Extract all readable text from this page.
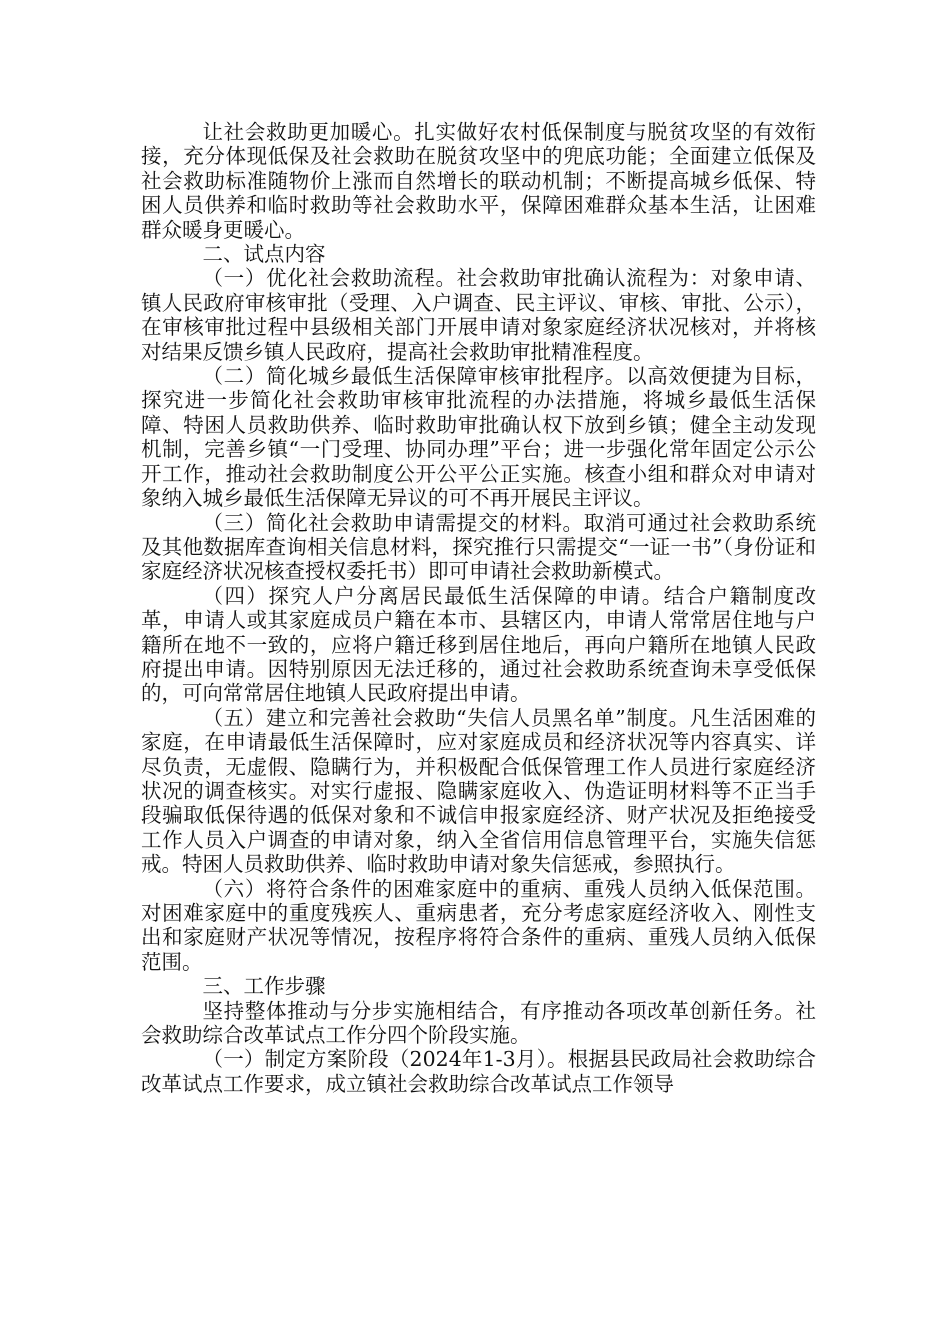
让社会救助更加暖心。扎实做好农村低保制度与脱贫攻坚的有效衔接，充分体现低保及社会救助在脱贫攻坚中的兜底功能；全面建立低保及社会救助标准随物价上涨而自然增长的联动机制；不断提高城乡低保、特困人员供养和临时救助等社会救助水平，保障困难群众基本生活，让困难群众暖身更暖心。

二、试点内容

（一）优化社会救助流程。社会救助审批确认流程为：对象申请、镇人民政府审核审批（受理、入户调查、民主评议、审核、审批、公示），在审核审批过程中县级相关部门开展申请对象家庭经济状况核对，并将核对结果反馈乡镇人民政府，提高社会救助审批精准程度。

（二）简化城乡最低生活保障审核审批程序。以高效便捷为目标，探究进一步简化社会救助审核审批流程的办法措施，将城乡最低生活保障、特困人员救助供养、临时救助审批确认权下放到乡镇；健全主动发现机制，完善乡镇“一门受理、协同办理”平台；进一步强化常年固定公示公开工作，推动社会救助制度公开公平公正实施。核查小组和群众对申请对象纳入城乡最低生活保障无异议的可不再开展民主评议。

（三）简化社会救助申请需提交的材料。取消可通过社会救助系统及其他数据库查询相关信息材料，探究推行只需提交“一证一书”（身份证和家庭经济状况核查授权委托书）即可申请社会救助新模式。

（四）探究人户分离居民最低生活保障的申请。结合户籍制度改革，申请人或其家庭成员户籍在本市、县辖区内，申请人常常居住地与户籍所在地不一致的，应将户籍迁移到居住地后，再向户籍所在地镇人民政府提出申请。因特别原因无法迁移的，通过社会救助系统查询未享受低保的，可向常常居住地镇人民政府提出申请。

（五）建立和完善社会救助“失信人员黑名单”制度。凡生活困难的家庭，在申请最低生活保障时，应对家庭成员和经济状况等内容真实、详尽负责，无虚假、隐瞒行为，并积极配合低保管理工作人员进行家庭经济状况的调查核实。对实行虚报、隐瞒家庭收入、伪造证明材料等不正当手段骗取低保待遇的低保对象和不诚信申报家庭经济、财产状况及拒绝接受工作人员入户调查的申请对象，纳入全省信用信息管理平台，实施失信惩戒。特困人员救助供养、临时救助申请对象失信惩戒，参照执行。

（六）将符合条件的困难家庭中的重病、重残人员纳入低保范围。对困难家庭中的重度残疾人、重病患者，充分考虑家庭经济收入、刚性支出和家庭财产状况等情况，按程序将符合条件的重病、重残人员纳入低保范围。

三、工作步骤

坚持整体推动与分步实施相结合，有序推动各项改革创新任务。社会救助综合改革试点工作分四个阶段实施。

（一）制定方案阶段（2024年1-3月）。根据县民政局社会救助综合改革试点工作要求，成立镇社会救助综合改革试点工作领导
